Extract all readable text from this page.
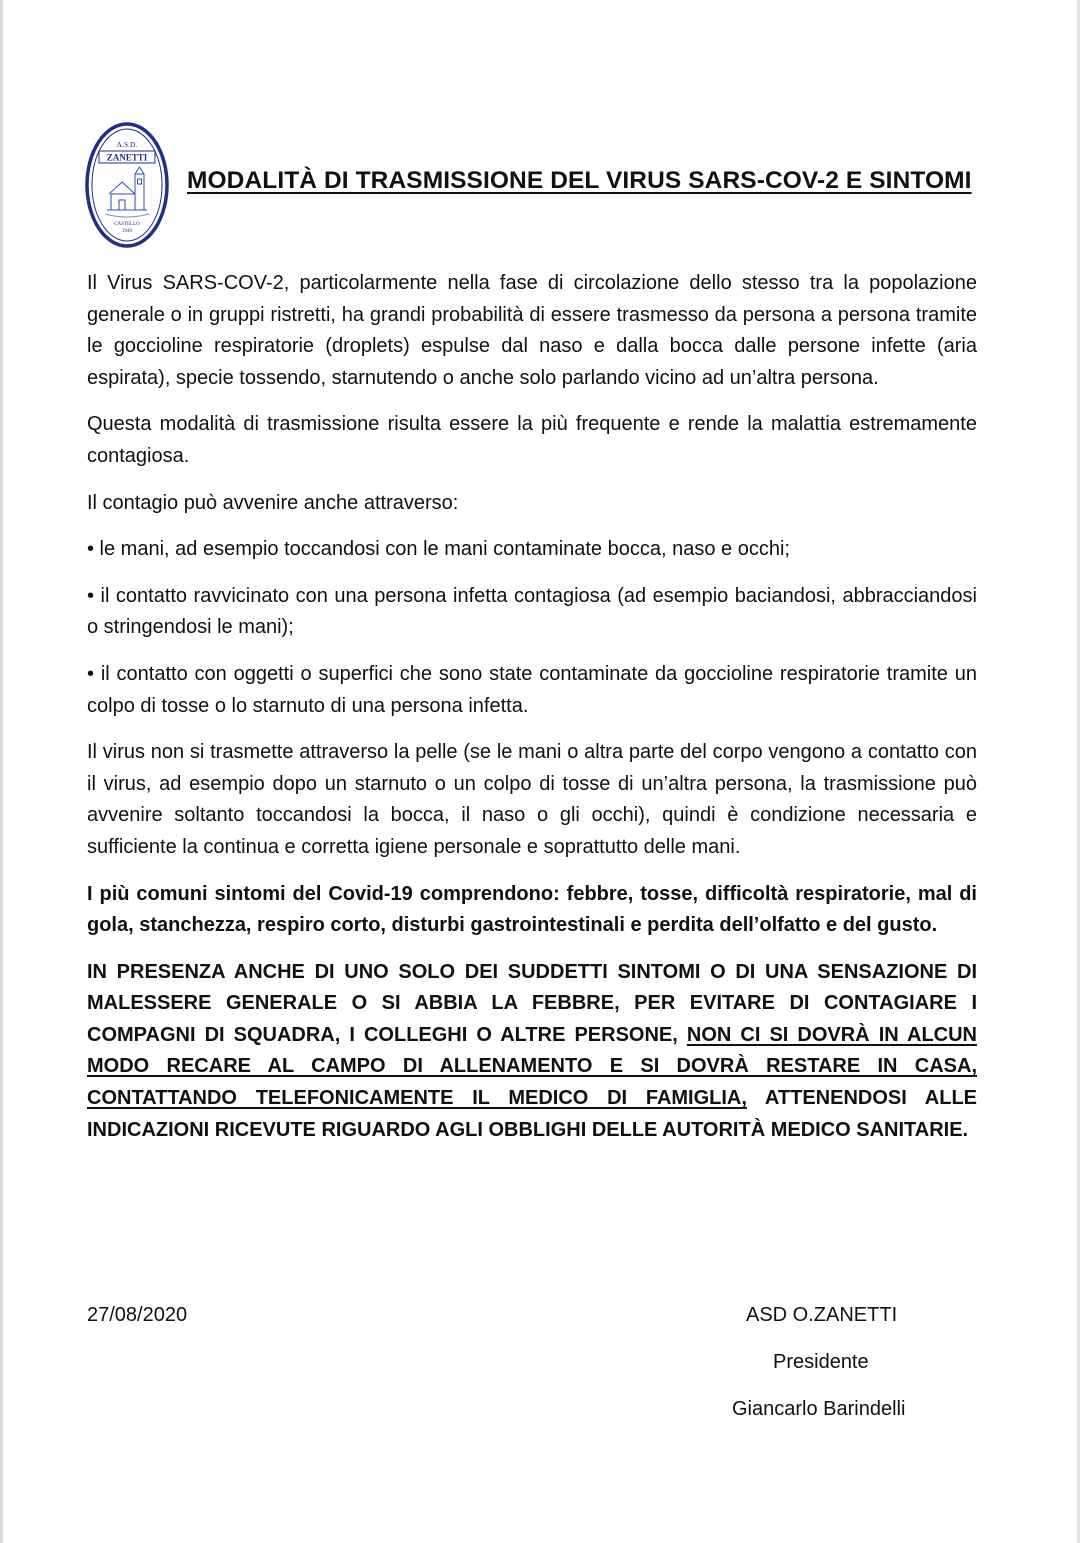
A.S.D.
ZANETTI
CASTELLO
1940
MODALITÀ DI TRASMISSIONE DEL VIRUS SARS-COV-2 E SINTOMI

Il Virus SARS-COV-2, particolarmente nella fase di circolazione dello stesso tra la popolazione generale o in gruppi ristretti, ha grandi probabilità di essere trasmesso da persona a persona tramite le goccioline respiratorie (droplets) espulse dal naso e dalla bocca dalle persone infette (aria espirata), specie tossendo, starnutendo o anche solo parlando vicino ad un’altra persona.

Questa modalità di trasmissione risulta essere la più frequente e rende la malattia estremamente contagiosa.

Il contagio può avvenire anche attraverso:

• le mani, ad esempio toccandosi con le mani contaminate bocca, naso e occhi;

• il contatto ravvicinato con una persona infetta contagiosa (ad esempio baciandosi, abbracciandosi o stringendosi le mani);

• il contatto con oggetti o superfici che sono state contaminate da goccioline respiratorie tramite un colpo di tosse o lo starnuto di una persona infetta.

Il virus non si trasmette attraverso la pelle (se le mani o altra parte del corpo vengono a contatto con il virus, ad esempio dopo un starnuto o un colpo di tosse di un’altra persona, la trasmissione può avvenire soltanto toccandosi la bocca, il naso o gli occhi), quindi è condizione necessaria e sufficiente la continua e corretta igiene personale e soprattutto delle mani.

I più comuni sintomi del Covid-19 comprendono: febbre, tosse, difficoltà respiratorie, mal di gola, stanchezza, respiro corto, disturbi gastrointestinali e perdita dell’olfatto e del gusto.

IN PRESENZA ANCHE DI UNO SOLO DEI SUDDETTI SINTOMI O DI UNA SENSAZIONE DI MALESSERE GENERALE O SI ABBIA LA FEBBRE, PER EVITARE DI CONTAGIARE I COMPAGNI DI SQUADRA, I COLLEGHI O ALTRE PERSONE, NON CI SI DOVRÀ IN ALCUN MODO RECARE AL CAMPO DI ALLENAMENTO E SI DOVRÀ RESTARE IN CASA, CONTATTANDO TELEFONICAMENTE IL MEDICO DI FAMIGLIA, ATTENENDOSI ALLE INDICAZIONI RICEVUTE RIGUARDO AGLI OBBLIGHI DELLE AUTORITÀ MEDICO SANITARIE.

27/08/2020	ASD O.ZANETTI
Presidente
Giancarlo Barindelli
